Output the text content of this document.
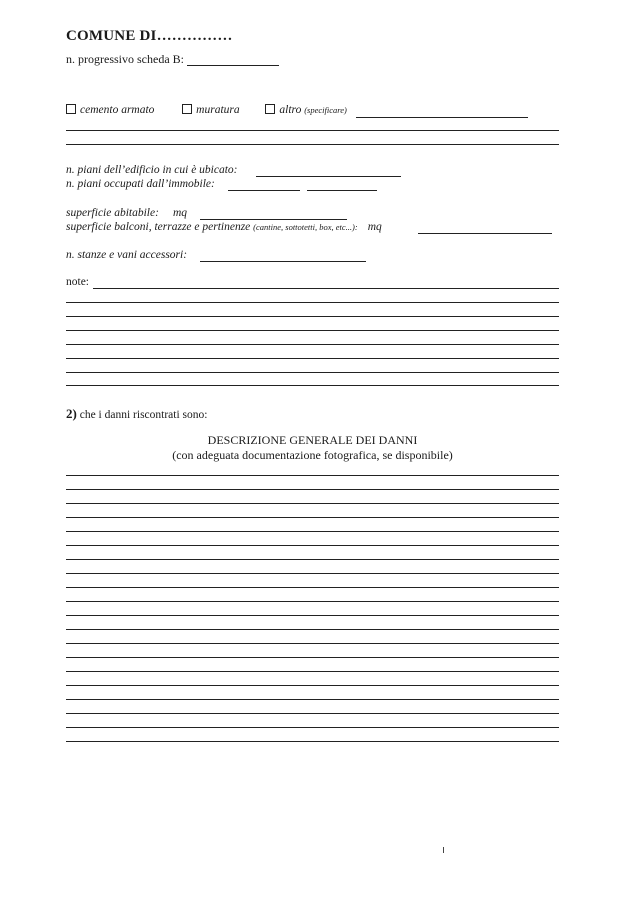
COMUNE DI……………
n. progressivo scheda B:
cemento armato	muratura	altro (specificare)
n. piani dell’edificio in cui è ubicato:
n. piani occupati dall’immobile:
superficie abitabile: mq
superficie balconi, terrazze e pertinenze (cantine, sottotetti, box, etc...): mq
n. stanze e vani accessori:
note:
2) che i danni riscontrati sono:
DESCRIZIONE GENERALE DEI DANNI
(con adeguata documentazione fotografica, se disponibile)
